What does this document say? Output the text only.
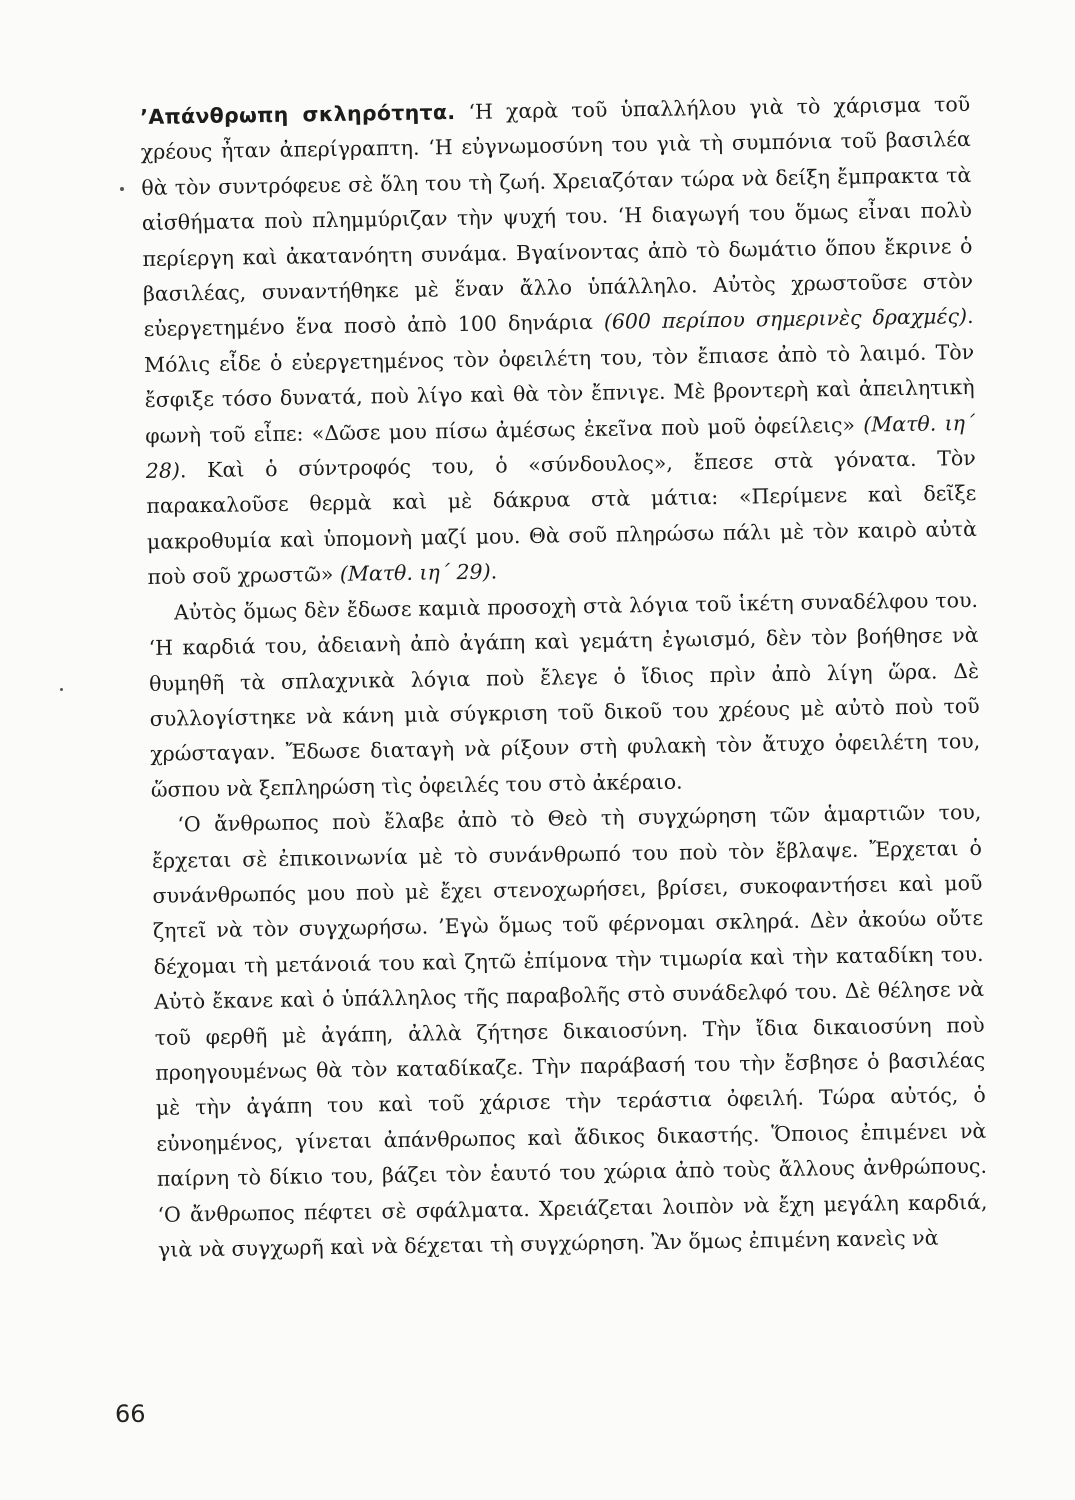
’Απάνθρωπη σκληρότητα. ‘Η χαρὰ τοῦ ὑπαλλήλου γιὰ τὸ χάρισμα τοῦ χρέους ἦταν ἀπερίγραπτη. ‘Η εὐγνωμοσύνη του γιὰ τὴ συμπόνια τοῦ βασιλέα θὰ τὸν συντρόφευε σὲ ὅλη του τὴ ζωή. Χρειαζόταν τώρα νὰ δείξη ἔμπρακτα τὰ αἰσθήματα ποὺ πλημμύριζαν τὴν ψυχή του. ‘Η διαγωγή του ὅμως εἶναι πολὺ περίεργη καὶ ἀκατανόητη συνάμα. Βγαίνοντας ἀπὸ τὸ δωμάτιο ὅπου ἔκρινε ὁ βασιλέας, συναντήθηκε μὲ ἕναν ἄλλο ὑπάλληλο. Αὐτὸς χρωστοῦσε στὸν εὐεργετημένο ἕνα ποσὸ ἀπὸ 100 δηνάρια (600 περίπου σημερινὲς δραχμές). Μόλις εἶδε ὁ εὐεργετημένος τὸν ὀφειλέτη του, τὸν ἔπιασε ἀπὸ τὸ λαιμό. Τὸν ἔσφιξε τόσο δυνατά, ποὺ λίγο καὶ θὰ τὸν ἔπνιγε. Μὲ βροντερὴ καὶ ἀπειλητικὴ φωνὴ τοῦ εἶπε: «Δῶσε μου πίσω ἀμέσως ἐκεῖνα ποὺ μοῦ ὀφείλεις» (Ματθ. ιη΄ 28). Καὶ ὁ σύντροφός του, ὁ «σύνδουλος», ἔπεσε στὰ γόνατα. Τὸν παρακαλοῦσε θερμὰ καὶ μὲ δάκρυα στὰ μάτια: «Περίμενε καὶ δεῖξε μακροθυμία καὶ ὑπομονὴ μαζί μου. Θὰ σοῦ πληρώσω πάλι μὲ τὸν καιρὸ αὐτὰ ποὺ σοῦ χρωστῶ» (Ματθ. ιη΄ 29).

Αὐτὸς ὅμως δὲν ἔδωσε καμιὰ προσοχὴ στὰ λόγια τοῦ ἱκέτη συναδέλφου του. ‘Η καρδιά του, ἀδειανὴ ἀπὸ ἀγάπη καὶ γεμάτη ἐγωισμό, δὲν τὸν βοήθησε νὰ θυμηθῆ τὰ σπλαχνικὰ λόγια ποὺ ἔλεγε ὁ ἴδιος πρὶν ἀπὸ λίγη ὥρα. Δὲ συλλογίστηκε νὰ κάνη μιὰ σύγκριση τοῦ δικοῦ του χρέους μὲ αὐτὸ ποὺ τοῦ χρώσταγαν. Ἔδωσε διαταγὴ νὰ ρίξουν στὴ φυλακὴ τὸν ἄτυχο ὀφειλέτη του, ὥσπου νὰ ξεπληρώση τὶς ὀφειλές του στὸ ἀκέραιο.

‘Ο ἄνθρωπος ποὺ ἔλαβε ἀπὸ τὸ Θεὸ τὴ συγχώρηση τῶν ἁμαρτιῶν του, ἔρχεται σὲ ἐπικοινωνία μὲ τὸ συνάνθρωπό του ποὺ τὸν ἔβλαψε. Ἔρχεται ὁ συνάνθρωπός μου ποὺ μὲ ἔχει στενοχωρήσει, βρίσει, συκοφαντήσει καὶ μοῦ ζητεῖ νὰ τὸν συγχωρήσω. ’Εγὼ ὅμως τοῦ φέρνομαι σκληρά. Δὲν ἀκούω οὔτε δέχομαι τὴ μετάνοιά του καὶ ζητῶ ἐπίμονα τὴν τιμωρία καὶ τὴν καταδίκη του. Αὐτὸ ἔκανε καὶ ὁ ὑπάλληλος τῆς παραβολῆς στὸ συνάδελφό του. Δὲ θέλησε νὰ τοῦ φερθῆ μὲ ἀγάπη, ἀλλὰ ζήτησε δικαιοσύνη. Τὴν ἴδια δικαιοσύνη ποὺ προηγουμένως θὰ τὸν καταδίκαζε. Τὴν παράβασή του τὴν ἔσβησε ὁ βασιλέας μὲ τὴν ἀγάπη του καὶ τοῦ χάρισε τὴν τεράστια ὀφειλή. Τώρα αὐτός, ὁ εὐνοημένος, γίνεται ἀπάνθρωπος καὶ ἄδικος δικαστής. Ὅποιος ἐπιμένει νὰ παίρνη τὸ δίκιο του, βάζει τὸν ἑαυτό του χώρια ἀπὸ τοὺς ἄλλους ἀνθρώπους. ‘Ο ἄνθρωπος πέφτει σὲ σφάλματα. Χρειάζεται λοιπὸν νὰ ἔχη μεγάλη καρδιά, γιὰ νὰ συγχωρῆ καὶ νὰ δέχεται τὴ συγχώρηση. Ἂν ὅμως ἐπιμένη κανεὶς νὰ

66
